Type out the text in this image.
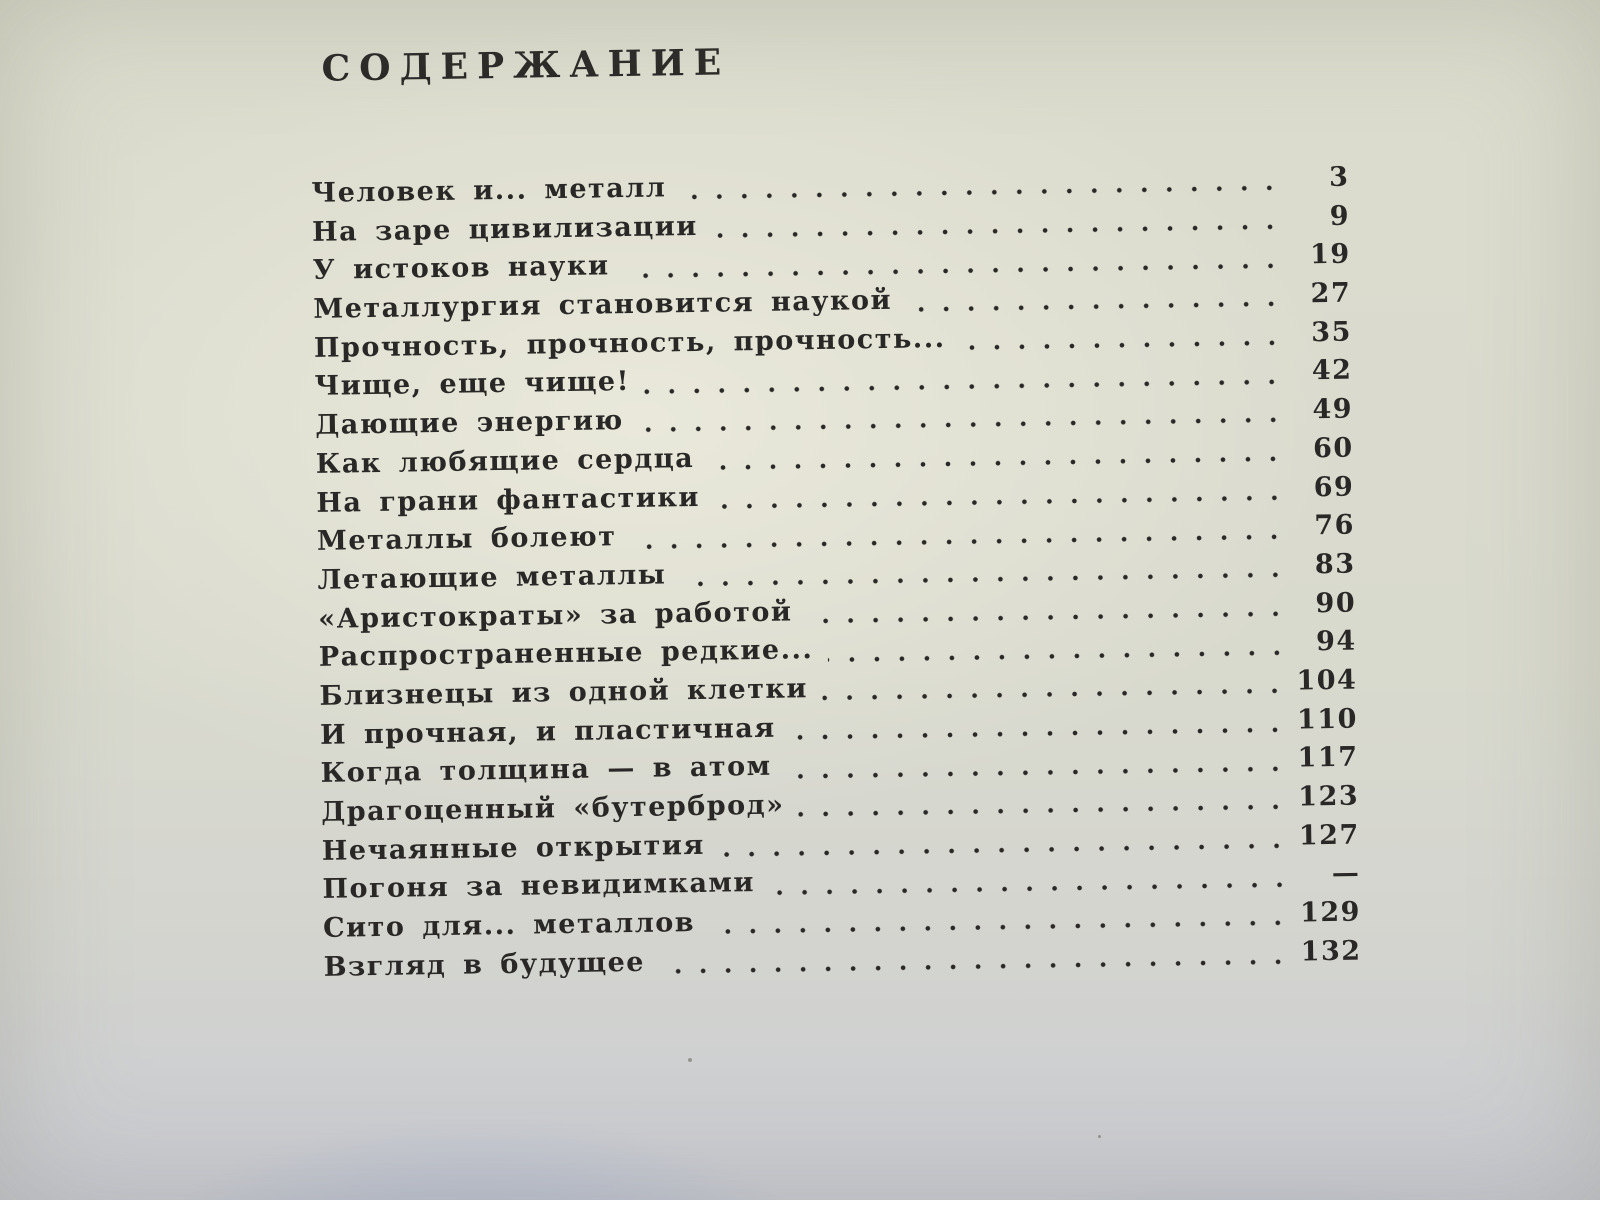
СОДЕРЖАНИЕ
Человек и... металл	3
На заре цивилизации	9
У истоков науки	19
Металлургия становится наукой	27
Прочность, прочность, прочность...	35
Чище, еще чище!	42
Дающие энергию	49
Как любящие сердца	60
На грани фантастики	69
Металлы болеют	76
Летающие металлы	83
«Аристократы» за работой	90
Распространенные редкие...	94
Близнецы из одной клетки	104
И прочная, и пластичная	110
Когда толщина — в атом	117
Драгоценный «бутерброд»	123
Нечаянные открытия	127
Погоня за невидимками	—
Сито для... металлов	129
Взгляд в будущее	132
